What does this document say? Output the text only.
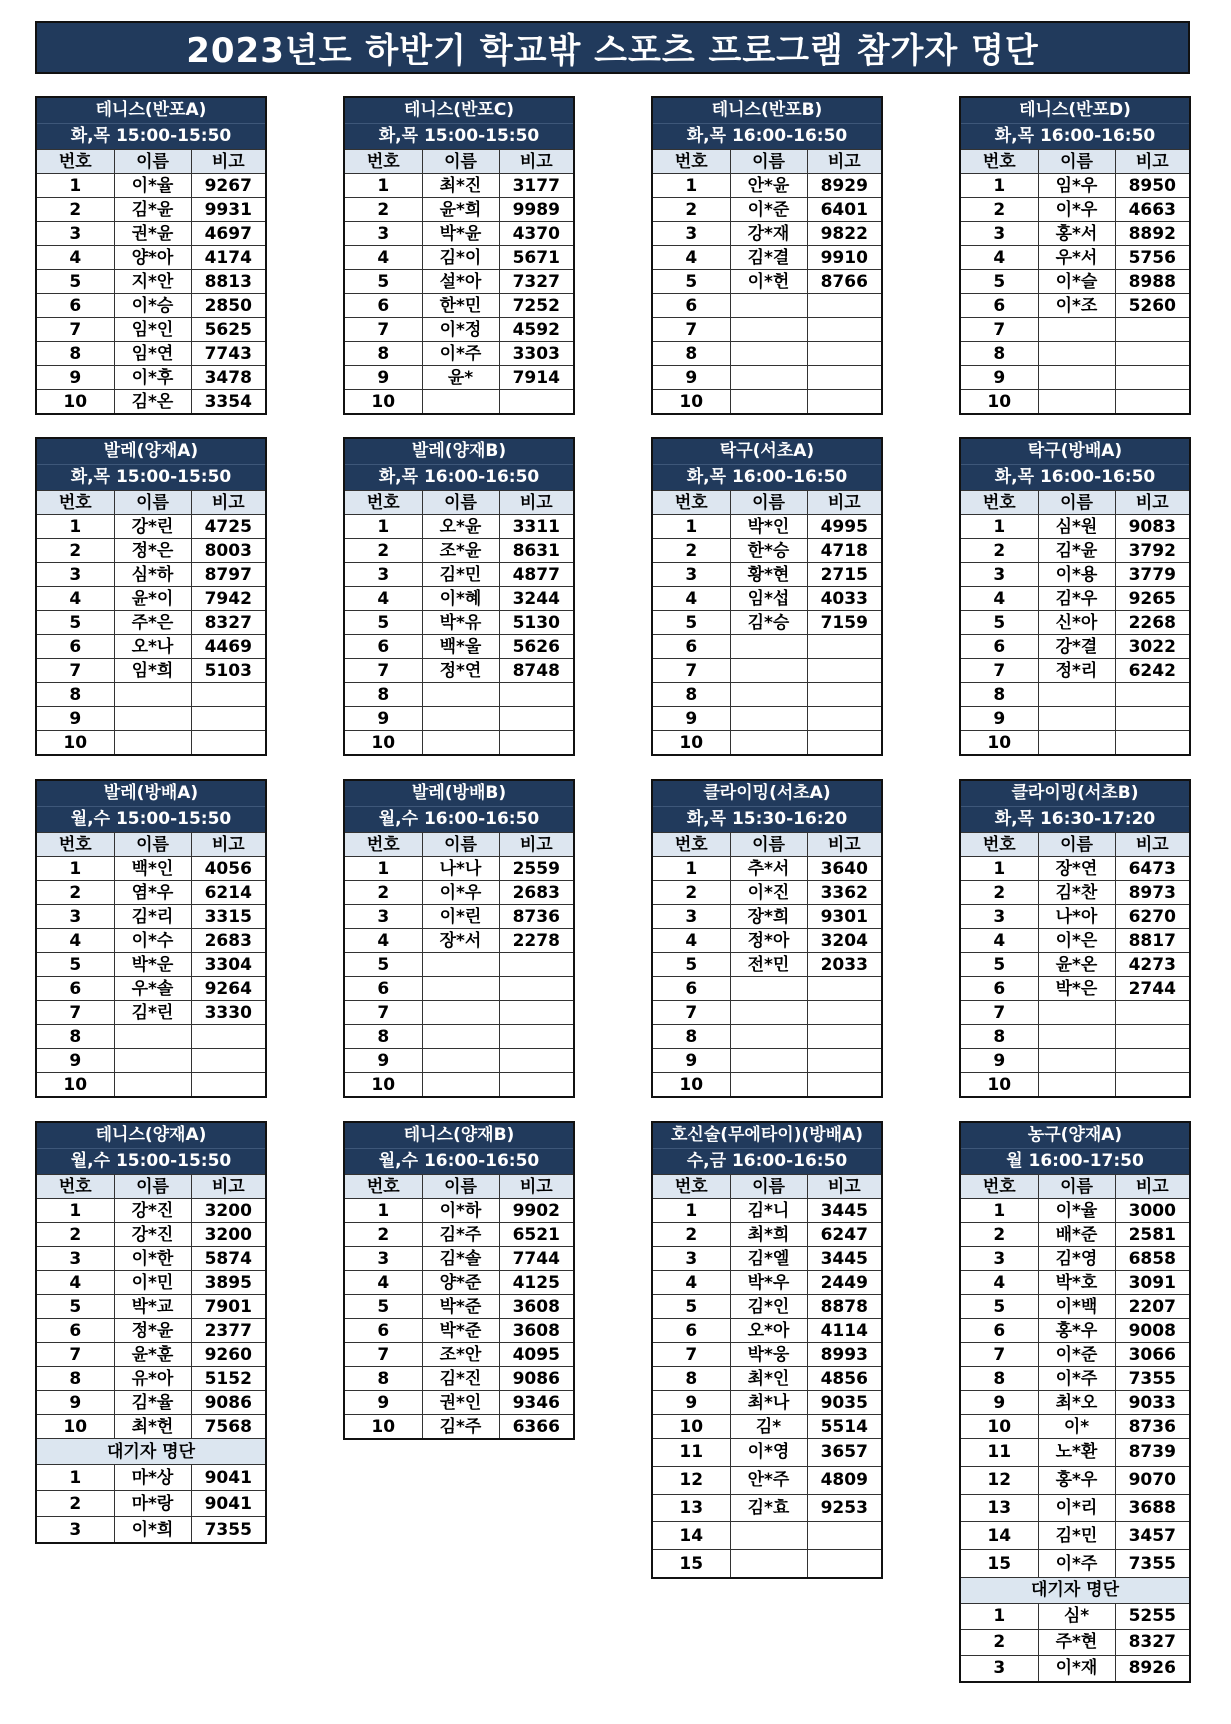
2023년도 하반기 학교밖 스포츠 프로그램 참가자 명단
테니스(반포A)
화,목 15:00-15:50
번호	이름	비고
1	이*율	9267
2	김*윤	9931
3	권*윤	4697
4	양*아	4174
5	지*안	8813
6	이*승	2850
7	임*인	5625
8	임*연	7743
9	이*후	3478
10	김*온	3354
테니스(반포C)
화,목 15:00-15:50
번호	이름	비고
1	최*진	3177
2	윤*희	9989
3	박*윤	4370
4	김*이	5671
5	설*아	7327
6	한*민	7252
7	이*정	4592
8	이*주	3303
9	윤*	7914
10		
테니스(반포B)
화,목 16:00-16:50
번호	이름	비고
1	안*윤	8929
2	이*준	6401
3	강*재	9822
4	김*결	9910
5	이*헌	8766
6		
7		
8		
9		
10		
테니스(반포D)
화,목 16:00-16:50
번호	이름	비고
1	임*우	8950
2	이*우	4663
3	홍*서	8892
4	우*서	5756
5	이*슬	8988
6	이*조	5260
7		
8		
9		
10		
발레(양재A)
화,목 15:00-15:50
번호	이름	비고
1	강*린	4725
2	정*은	8003
3	심*하	8797
4	윤*이	7942
5	주*은	8327
6	오*나	4469
7	임*희	5103
8		
9		
10		
발레(양재B)
화,목 16:00-16:50
번호	이름	비고
1	오*윤	3311
2	조*윤	8631
3	김*민	4877
4	이*혜	3244
5	박*유	5130
6	백*울	5626
7	정*연	8748
8		
9		
10		
탁구(서초A)
화,목 16:00-16:50
번호	이름	비고
1	박*인	4995
2	한*승	4718
3	황*현	2715
4	임*섭	4033
5	김*승	7159
6		
7		
8		
9		
10		
탁구(방배A)
화,목 16:00-16:50
번호	이름	비고
1	심*원	9083
2	김*윤	3792
3	이*용	3779
4	김*우	9265
5	신*아	2268
6	강*결	3022
7	정*리	6242
8		
9		
10		
발레(방배A)
월,수 15:00-15:50
번호	이름	비고
1	백*인	4056
2	염*우	6214
3	김*리	3315
4	이*수	2683
5	박*운	3304
6	우*솔	9264
7	김*린	3330
8		
9		
10		
발레(방배B)
월,수 16:00-16:50
번호	이름	비고
1	나*나	2559
2	이*우	2683
3	이*린	8736
4	장*서	2278
5		
6		
7		
8		
9		
10		
클라이밍(서초A)
화,목 15:30-16:20
번호	이름	비고
1	추*서	3640
2	이*진	3362
3	장*희	9301
4	정*아	3204
5	전*민	2033
6		
7		
8		
9		
10		
클라이밍(서초B)
화,목 16:30-17:20
번호	이름	비고
1	장*연	6473
2	김*찬	8973
3	나*아	6270
4	이*은	8817
5	윤*온	4273
6	박*은	2744
7		
8		
9		
10		
테니스(양재A)
월,수 15:00-15:50
번호	이름	비고
1	강*진	3200
2	강*진	3200
3	이*한	5874
4	이*민	3895
5	박*교	7901
6	정*윤	2377
7	윤*훈	9260
8	유*아	5152
9	김*율	9086
10	최*헌	7568
대기자 명단		
1	마*상	9041
2	마*랑	9041
3	이*희	7355
테니스(양재B)
월,수 16:00-16:50
번호	이름	비고
1	이*하	9902
2	김*주	6521
3	김*솔	7744
4	양*준	4125
5	박*준	3608
6	박*준	3608
7	조*안	4095
8	김*진	9086
9	권*인	9346
10	김*주	6366
호신술(무에타이)(방배A)
수,금 16:00-16:50
번호	이름	비고
1	김*니	3445
2	최*희	6247
3	김*엘	3445
4	박*우	2449
5	김*인	8878
6	오*아	4114
7	박*웅	8993
8	최*인	4856
9	최*나	9035
10	김*	5514
11	이*영	3657
12	안*주	4809
13	김*효	9253
14		
15		
농구(양재A)
월 16:00-17:50
번호	이름	비고
1	이*율	3000
2	배*준	2581
3	김*영	6858
4	박*호	3091
5	이*백	2207
6	홍*우	9008
7	이*준	3066
8	이*주	7355
9	최*오	9033
10	이*	8736
11	노*환	8739
12	홍*우	9070
13	이*리	3688
14	김*민	3457
15	이*주	7355
대기자 명단		
1	심*	5255
2	주*현	8327
3	이*재	8926
